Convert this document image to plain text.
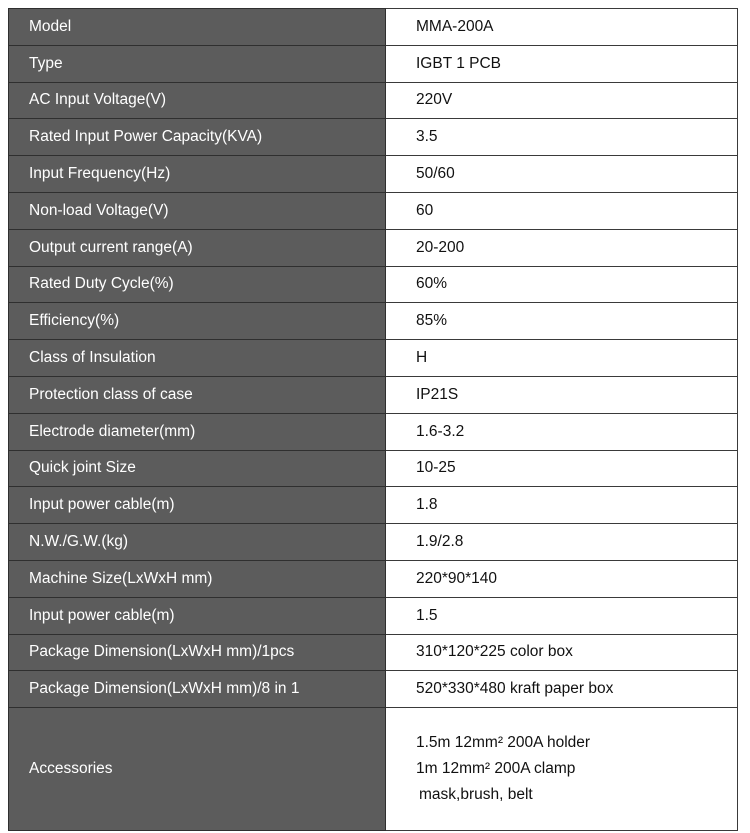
Model	MMA-200A
Type	IGBT 1 PCB
AC Input Voltage(V)	220V
Rated Input Power Capacity(KVA)	3.5
Input Frequency(Hz)	50/60
Non-load Voltage(V)	60
Output current range(A)	20-200
Rated Duty Cycle(%)	60%
Efficiency(%)	85%
Class of Insulation	H
Protection class of case	IP21S
Electrode diameter(mm)	1.6-3.2
Quick joint Size	10-25
Input power cable(m)	1.8
N.W./G.W.(kg)	1.9/2.8
Machine Size(LxWxH mm)	220*90*140
Input power cable(m)	1.5
Package Dimension(LxWxH mm)/1pcs	310*120*225 color box
Package Dimension(LxWxH mm)/8 in 1	520*330*480 kraft paper box
Accessories	1.5m 12mm² 200A holder
1m 12mm² 200A clamp
mask,brush, belt
